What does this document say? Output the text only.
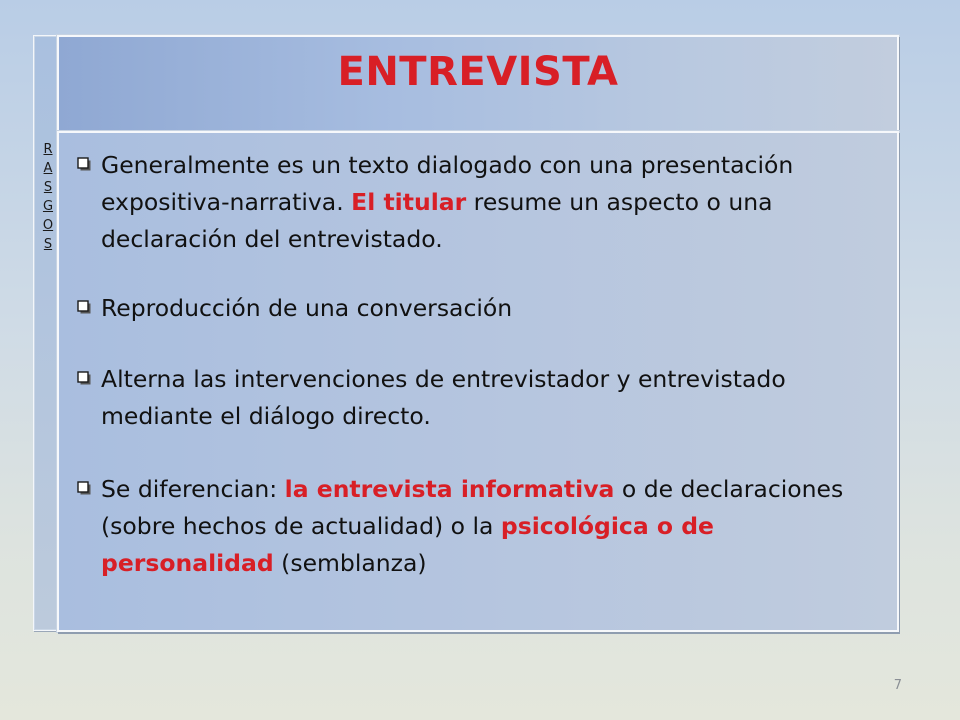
R
A
S
G
O
S
ENTREVISTA
Generalmente es un texto dialogado con una presentación expositiva-narrativa. El titular resume un aspecto o una declaración del entrevistado.
Reproducción de una conversación
Alterna las intervenciones de entrevistador y entrevistado mediante el diálogo directo.
Se diferencian: la entrevista informativa o de declaraciones (sobre hechos de actualidad) o la psicológica o de personalidad (semblanza)
7
